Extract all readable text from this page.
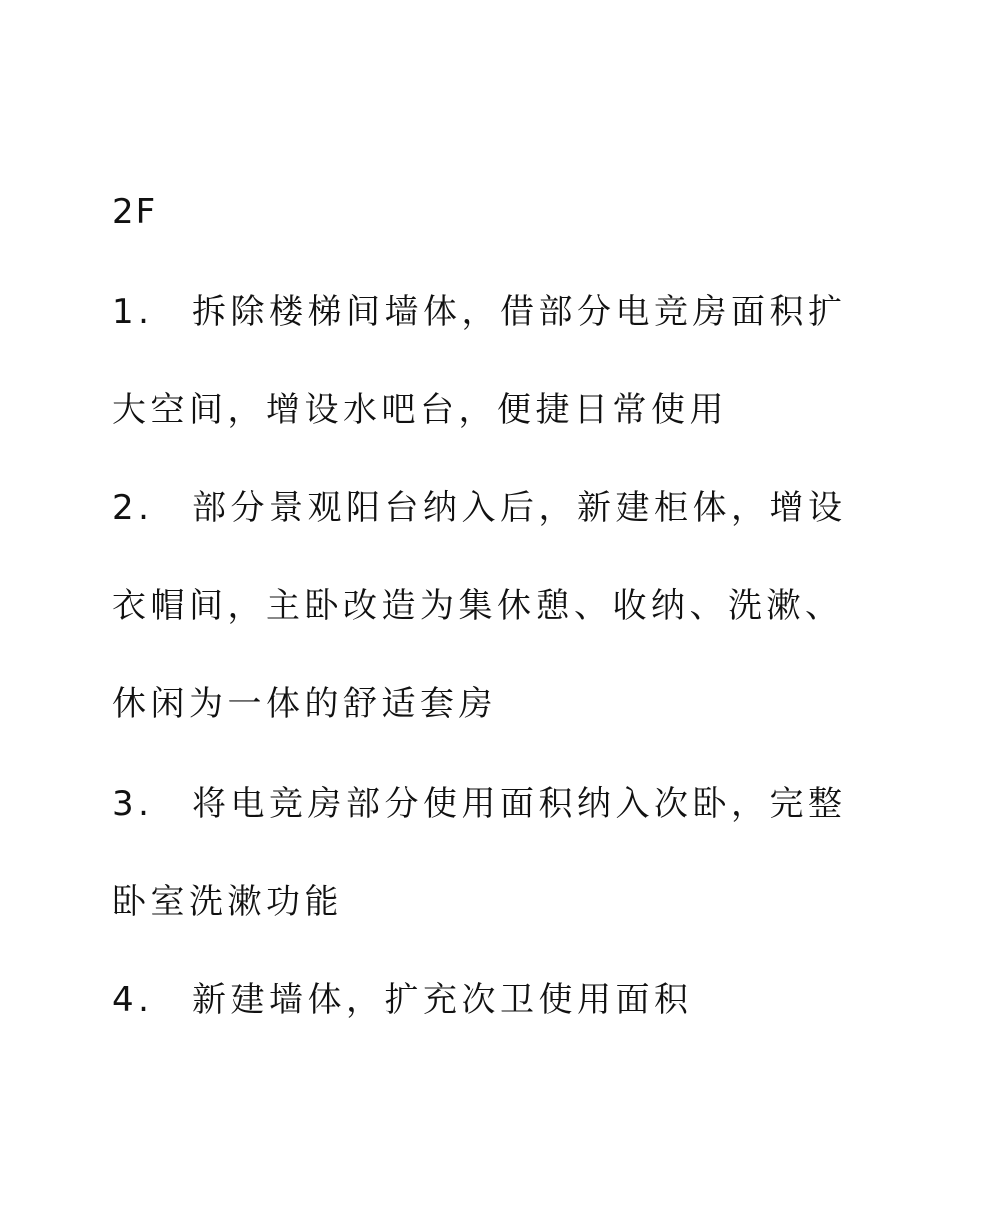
2F
1. 拆除楼梯间墙体，借部分电竞房面积扩
大空间，增设水吧台，便捷日常使用
2. 部分景观阳台纳入后，新建柜体，增设
衣帽间，主卧改造为集休憩、收纳、洗漱、
休闲为一体的舒适套房
3. 将电竞房部分使用面积纳入次卧，完整
卧室洗漱功能
4. 新建墙体，扩充次卫使用面积
